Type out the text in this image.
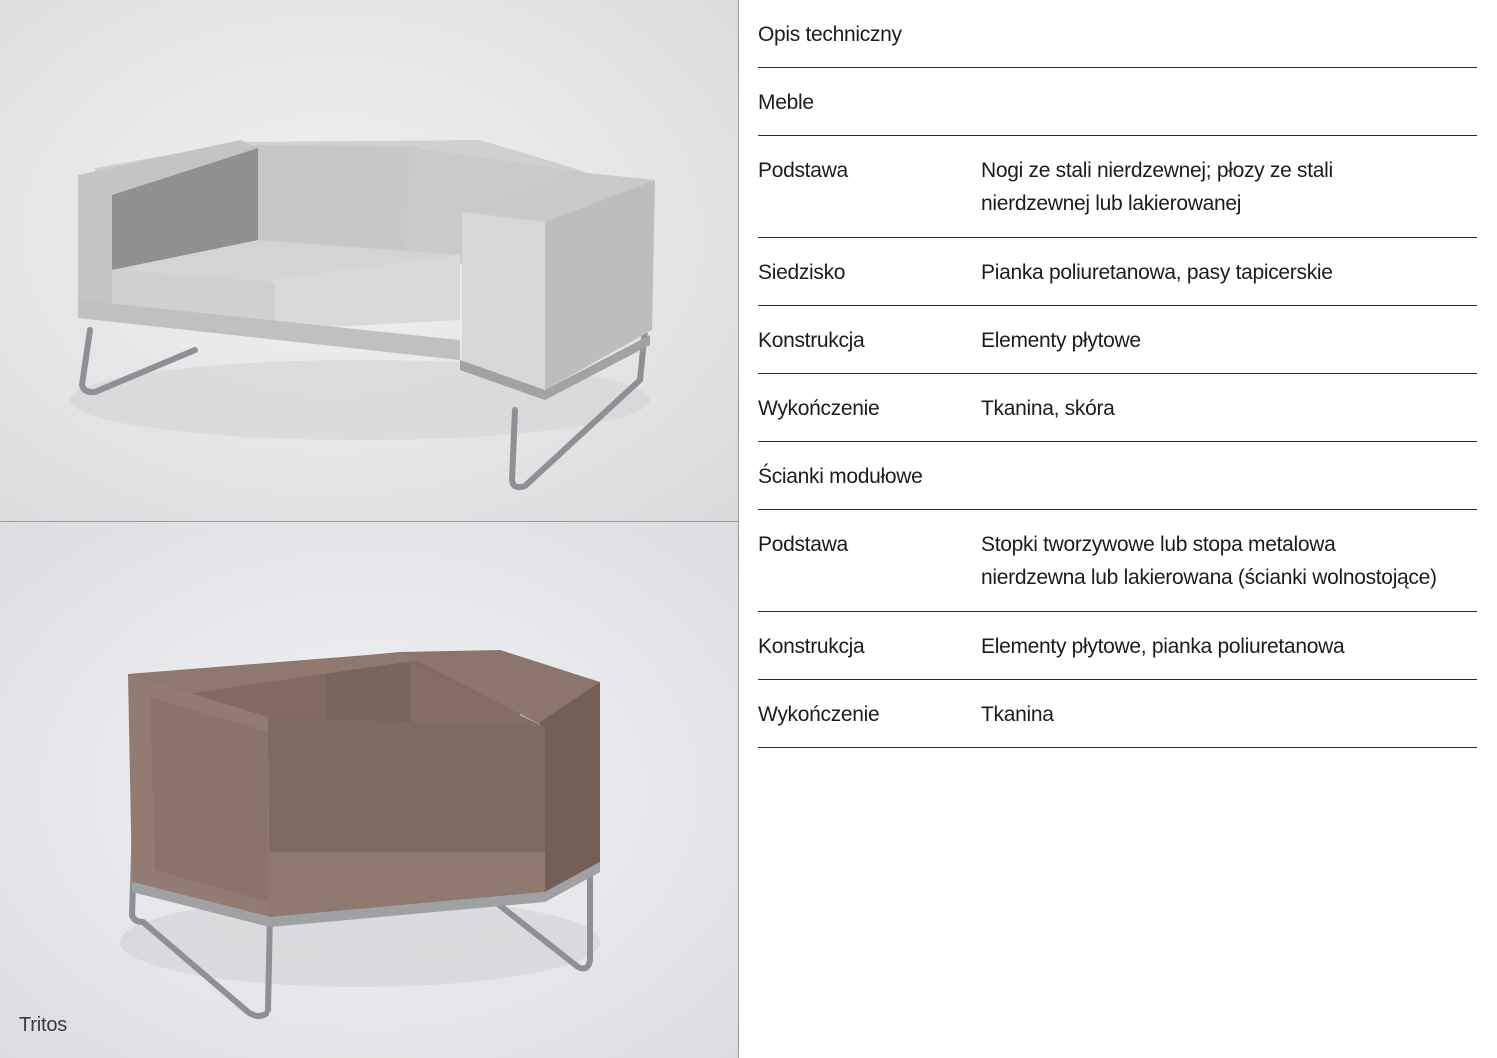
Tritos
Opis techniczny
Meble
Podstawa	Nogi ze stali nierdzewnej; płozy ze stali
nierdzewnej lub lakierowanej
Siedzisko	Pianka poliuretanowa, pasy tapicerskie
Konstrukcja	Elementy płytowe
Wykończenie	Tkanina, skóra
Ścianki modułowe
Podstawa	Stopki tworzywowe lub stopa metalowa
nierdzewna lub lakierowana (ścianki wolnostojące)
Konstrukcja	Elementy płytowe, pianka poliuretanowa
Wykończenie	Tkanina
